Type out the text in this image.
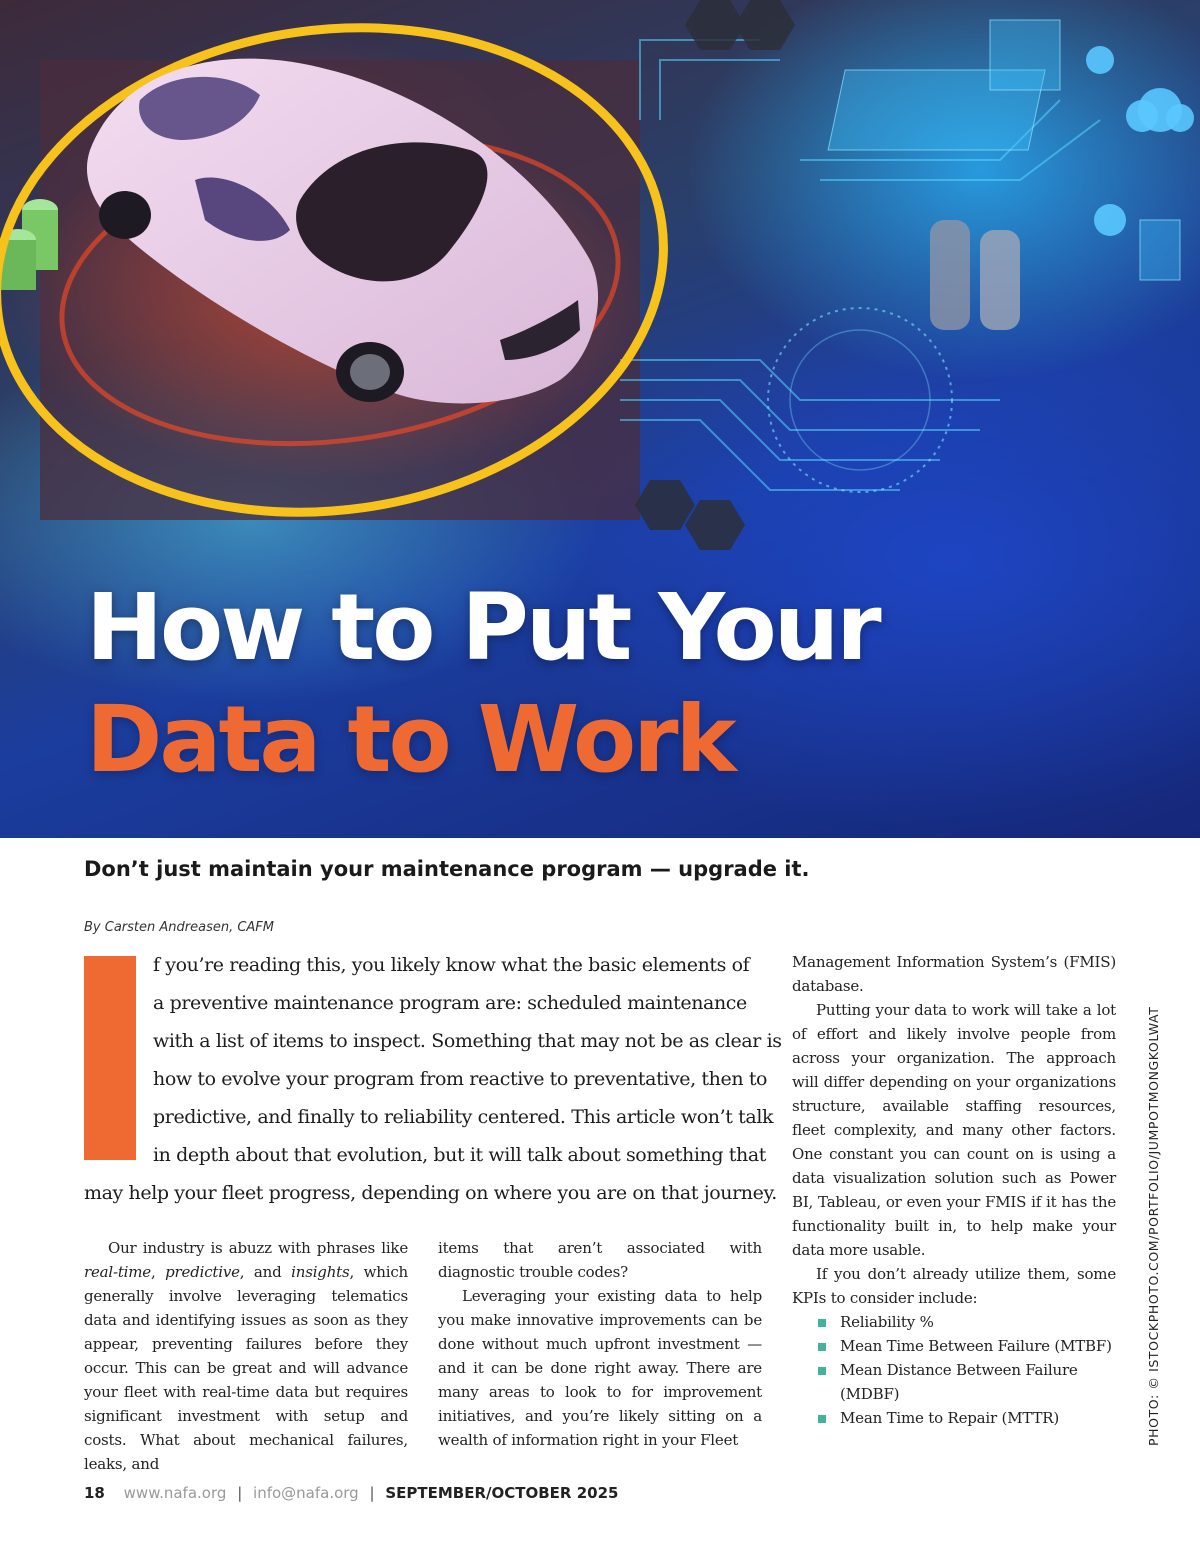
How to Put Your
Data to Work
PHOTO: © ISTOCKPHOTO.COM/PORTFOLIO/JUMPOTMONGKOLWAT
Don’t just maintain your maintenance program — upgrade it.
By Carsten Andreasen, CAFM
f you’re reading this, you likely know what the basic elements of
a preventive maintenance program are: scheduled maintenance
with a list of items to inspect. Something that may not be as clear is
how to evolve your program from reactive to preventative, then to
predictive, and finally to reliability centered. This article won’t talk
in depth about that evolution, but it will talk about something that
may help your fleet progress, depending on where you are on that journey.

Our industry is abuzz with phrases like real-time, predictive, and insights, which generally involve leveraging telematics data and identifying issues as soon as they appear, preventing failures before they occur. This can be great and will advance your fleet with real-time data but requires significant investment with setup and costs. What about mechanical failures, leaks, and

items that aren’t associated with diagnostic trouble codes?

Leveraging your existing data to help you make innovative improvements can be done without much upfront investment — and it can be done right away. There are many areas to look to for improvement initiatives, and you’re likely sitting on a wealth of information right in your Fleet

Management Information System’s (FMIS) database.

Putting your data to work will take a lot of effort and likely involve people from across your organization. The approach will differ depending on your organizations structure, available staffing resources, fleet complexity, and many other factors. One constant you can count on is using a data visualization solution such as Power BI, Tableau, or even your FMIS if it has the functionality built in, to help make your data more usable.

If you don’t already utilize them, some KPIs to consider include:

Reliability %
Mean Time Between Failure (MTBF)
Mean Distance Between Failure (MDBF)
Mean Time to Repair (MTTR)
18 www.nafa.org | info@nafa.org | SEPTEMBER/OCTOBER 2025
